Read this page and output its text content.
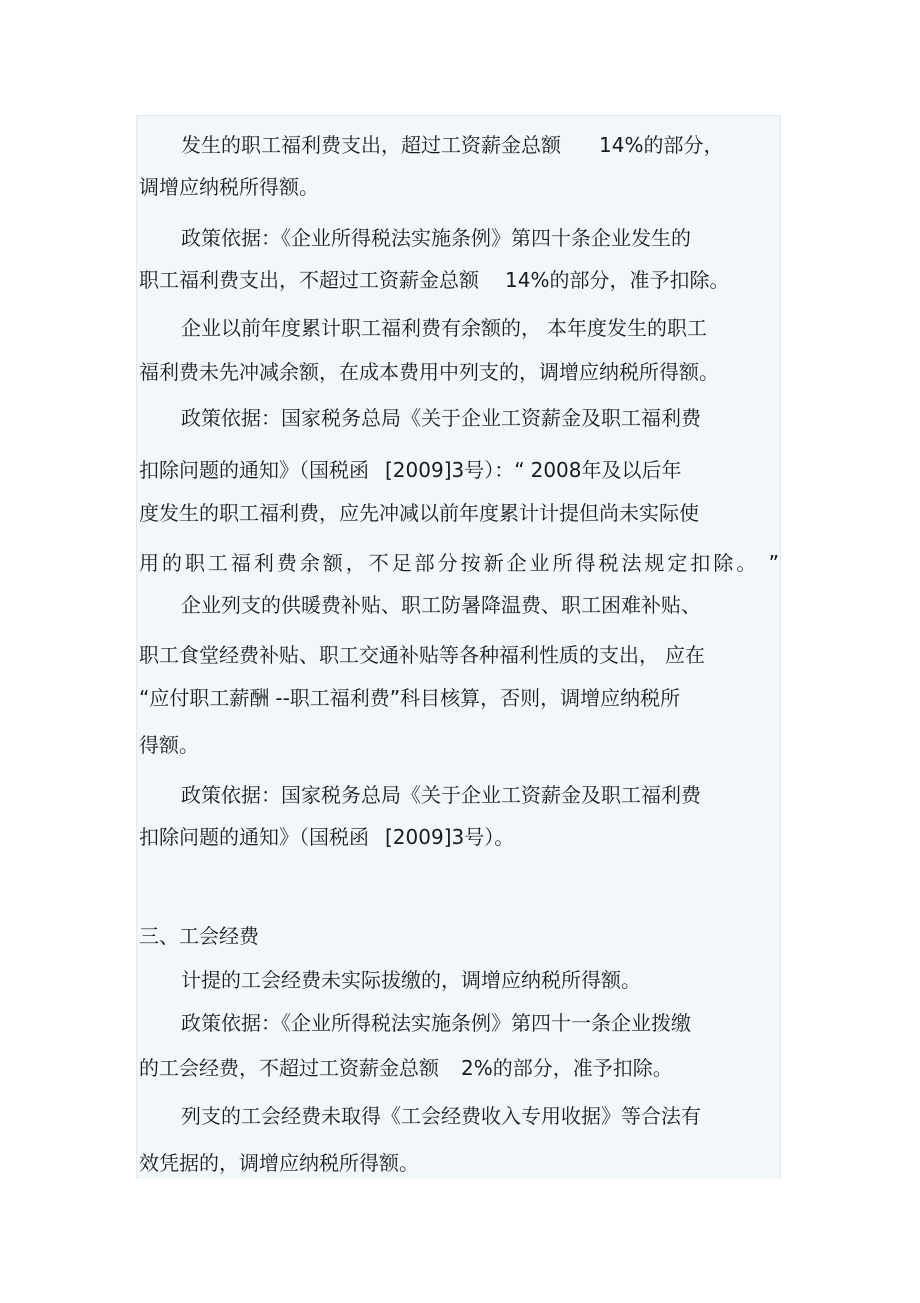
发生的职工福利费支出，超过工资薪金总额 14%的部分，
调增应纳税所得额。
政策依据：《企业所得税法实施条例》第四十条企业发生的
职工福利费支出，不超过工资薪金总额 14%的部分，准予扣除。
企业以前年度累计职工福利费有余额的， 本年度发生的职工
福利费未先冲减余额，在成本费用中列支的，调增应纳税所得额。
政策依据：国家税务总局《关于企业工资薪金及职工福利费
扣除问题的通知》（国税函 [2009]3号）：“ 2008年及以后年
度发生的职工福利费，应先冲减以前年度累计计提但尚未实际使
用的职工福利费余额，不足部分按新企业所得税法规定扣除。 ”
企业列支的供暖费补贴、职工防暑降温费、职工困难补贴、
职工食堂经费补贴、职工交通补贴等各种福利性质的支出， 应在
“应付职工薪酬 --职工福利费”科目核算，否则，调增应纳税所
得额。
政策依据：国家税务总局《关于企业工资薪金及职工福利费
扣除问题的通知》（国税函 [2009]3号）。
三、工会经费
计提的工会经费未实际拔缴的，调增应纳税所得额。
政策依据：《企业所得税法实施条例》第四十一条企业拨缴
的工会经费，不超过工资薪金总额 2%的部分，准予扣除。
列支的工会经费未取得《工会经费收入专用收据》等合法有
效凭据的，调增应纳税所得额。
